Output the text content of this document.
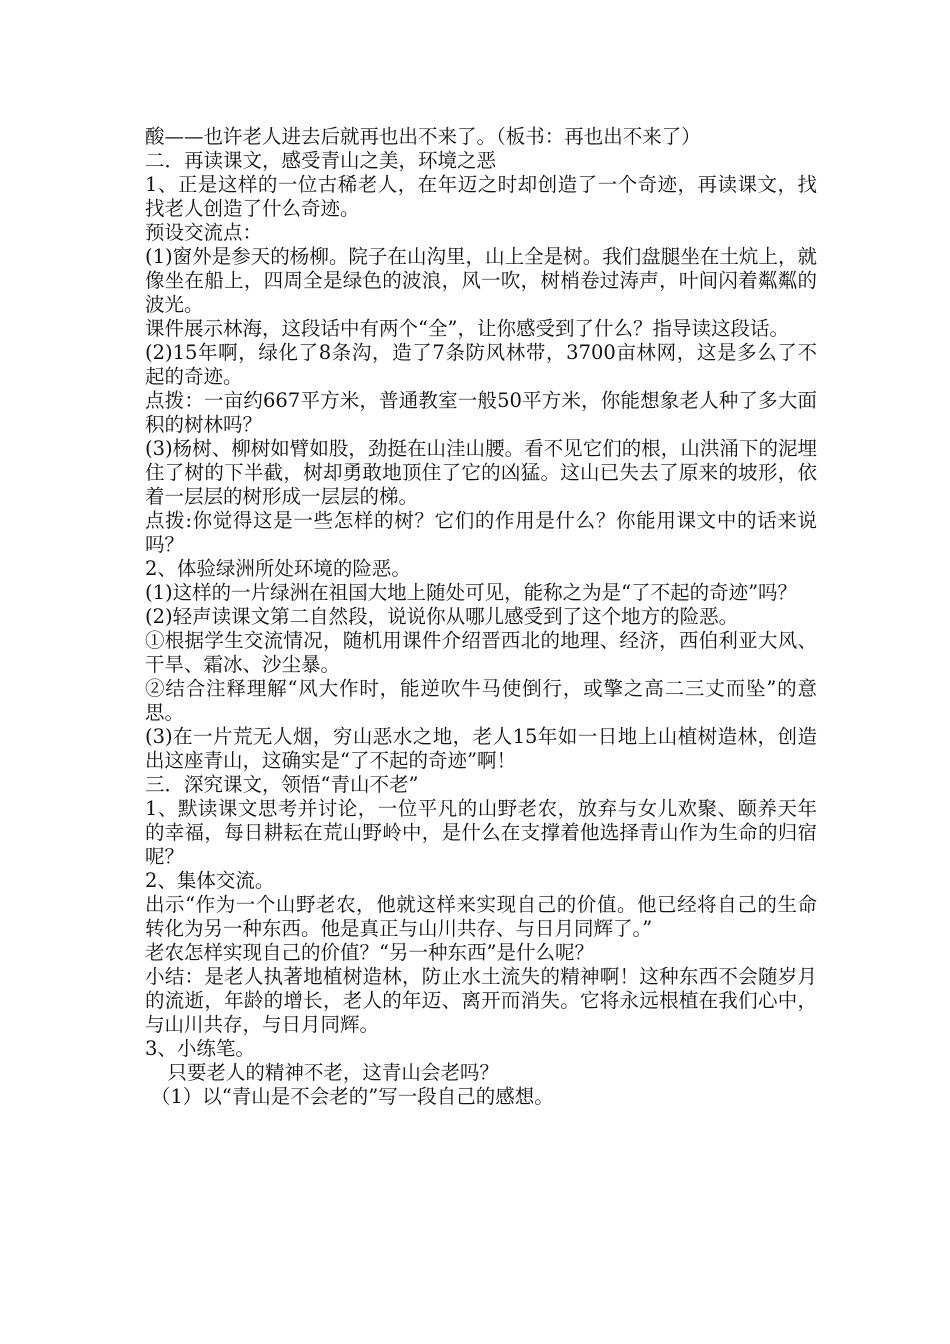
酸——也许老人进去后就再也出不来了。（板书：再也出不来了）

二．再读课文，感受青山之美，环境之恶

1、正是这样的一位古稀老人，在年迈之时却创造了一个奇迹，再读课文，找找老人创造了什么奇迹。

预设交流点：

(1)窗外是参天的杨柳。院子在山沟里，山上全是树。我们盘腿坐在土炕上，就像坐在船上，四周全是绿色的波浪，风一吹，树梢卷过涛声，叶间闪着粼粼的波光。

课件展示林海，这段话中有两个“全”，让你感受到了什么？指导读这段话。

(2)15年啊，绿化了8条沟，造了7条防风林带，3700亩林网，这是多么了不起的奇迹。

点拨：一亩约667平方米，普通教室一般50平方米，你能想象老人种了多大面积的树林吗？

(3)杨树、柳树如臂如股，劲挺在山洼山腰。看不见它们的根，山洪涌下的泥埋住了树的下半截，树却勇敢地顶住了它的凶猛。这山已失去了原来的坡形，依着一层层的树形成一层层的梯。

点拨:你觉得这是一些怎样的树？它们的作用是什么？你能用课文中的话来说吗？

2、体验绿洲所处环境的险恶。

(1)这样的一片绿洲在祖国大地上随处可见，能称之为是“了不起的奇迹”吗？

(2)轻声读课文第二自然段，说说你从哪儿感受到了这个地方的险恶。

①根据学生交流情况，随机用课件介绍晋西北的地理、经济，西伯利亚大风、干旱、霜冰、沙尘暴。

②结合注释理解“风大作时，能逆吹牛马使倒行，或擎之高二三丈而坠”的意思。

(3)在一片荒无人烟，穷山恶水之地，老人15年如一日地上山植树造林，创造出这座青山，这确实是“了不起的奇迹”啊！

三．深究课文，领悟“青山不老”

1、默读课文思考并讨论，一位平凡的山野老农，放弃与女儿欢聚、颐养天年的幸福，每日耕耘在荒山野岭中，是什么在支撑着他选择青山作为生命的归宿呢？

2、集体交流。

出示“作为一个山野老农，他就这样来实现自己的价值。他已经将自己的生命转化为另一种东西。他是真正与山川共存、与日月同辉了。”

老农怎样实现自己的价值？“另一种东西”是什么呢？

小结：是老人执著地植树造林，防止水土流失的精神啊！这种东西不会随岁月的流逝，年龄的增长，老人的年迈、离开而消失。它将永远根植在我们心中，与山川共存，与日月同辉。

3、小练笔。

只要老人的精神不老，这青山会老吗？

（1）以“青山是不会老的”写一段自己的感想。
